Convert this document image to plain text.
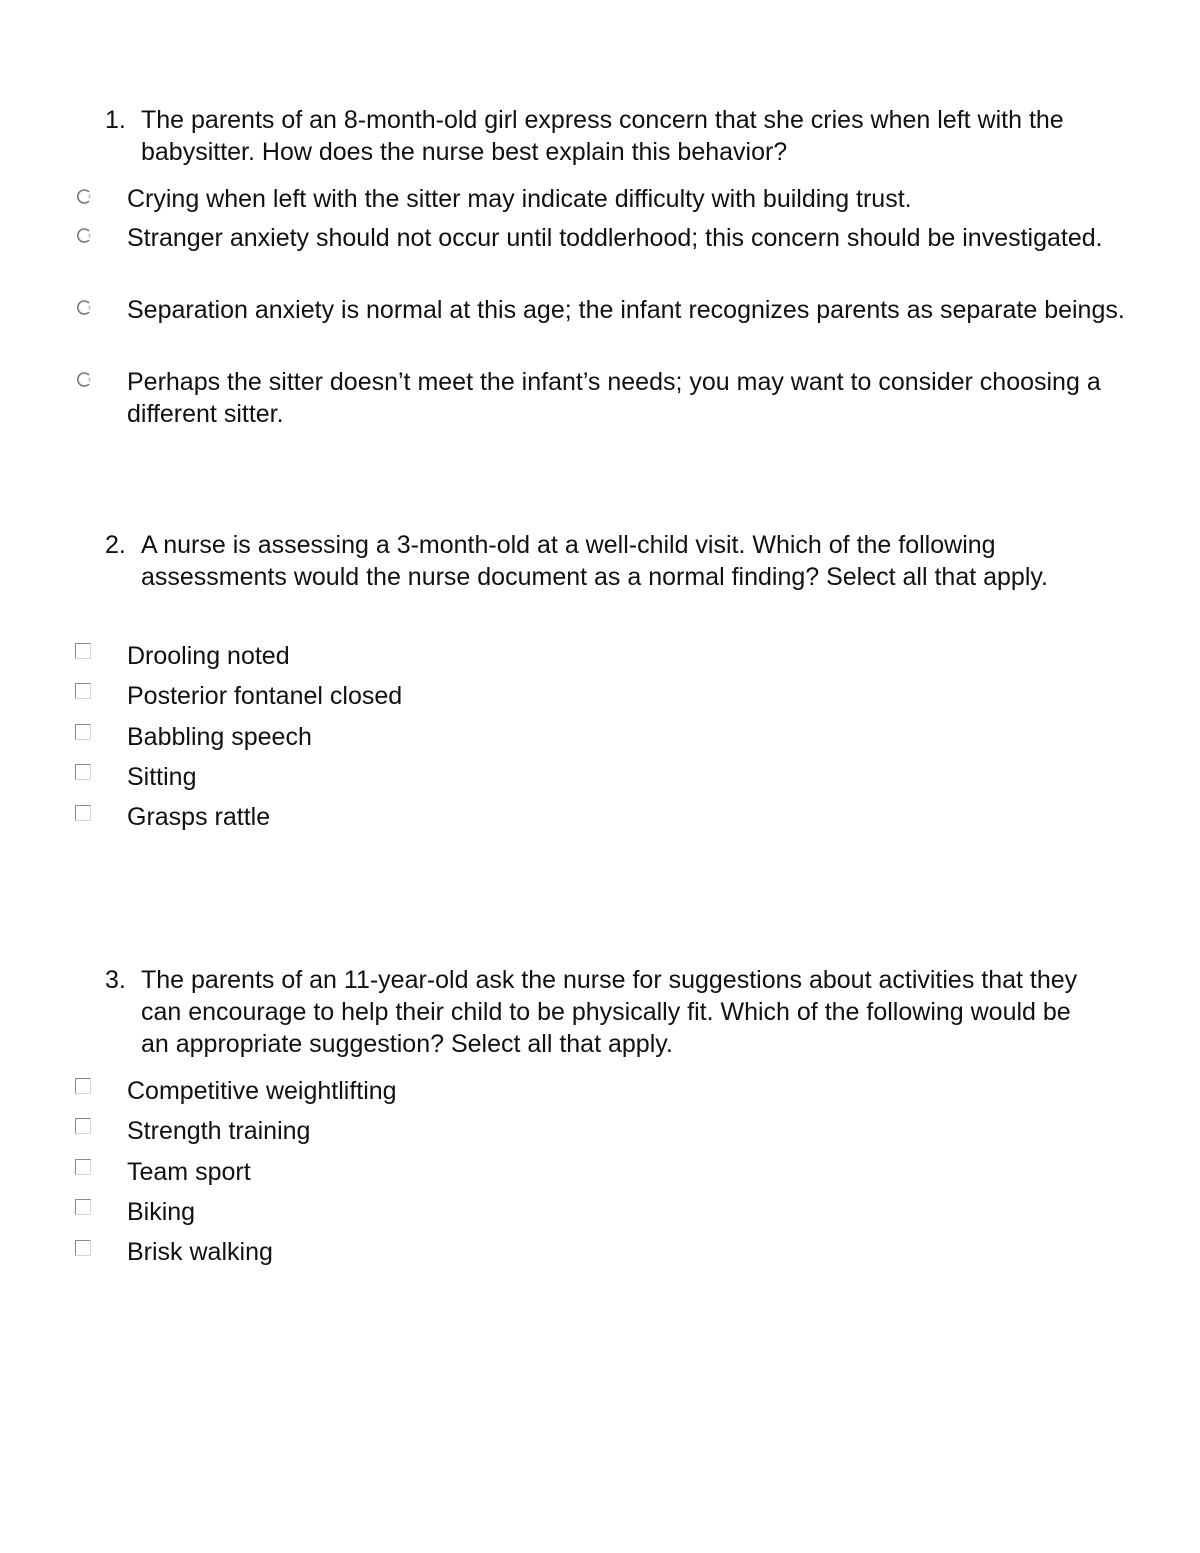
1. The parents of an 8-month-old girl express concern that she cries when left with the babysitter. How does the nurse best explain this behavior?

Crying when left with the sitter may indicate difficulty with building trust.

Stranger anxiety should not occur until toddlerhood; this concern should be investigated.

Separation anxiety is normal at this age; the infant recognizes parents as separate beings.

Perhaps the sitter doesn’t meet the infant’s needs; you may want to consider choosing a different sitter.

2. A nurse is assessing a 3-month-old at a well-child visit. Which of the following assessments would the nurse document as a normal finding? Select all that apply.

Drooling noted

Posterior fontanel closed

Babbling speech

Sitting

Grasps rattle

3. The parents of an 11-year-old ask the nurse for suggestions about activities that they can encourage to help their child to be physically fit. Which of the following would be an appropriate suggestion? Select all that apply.

Competitive weightlifting

Strength training

Team sport

Biking

Brisk walking
